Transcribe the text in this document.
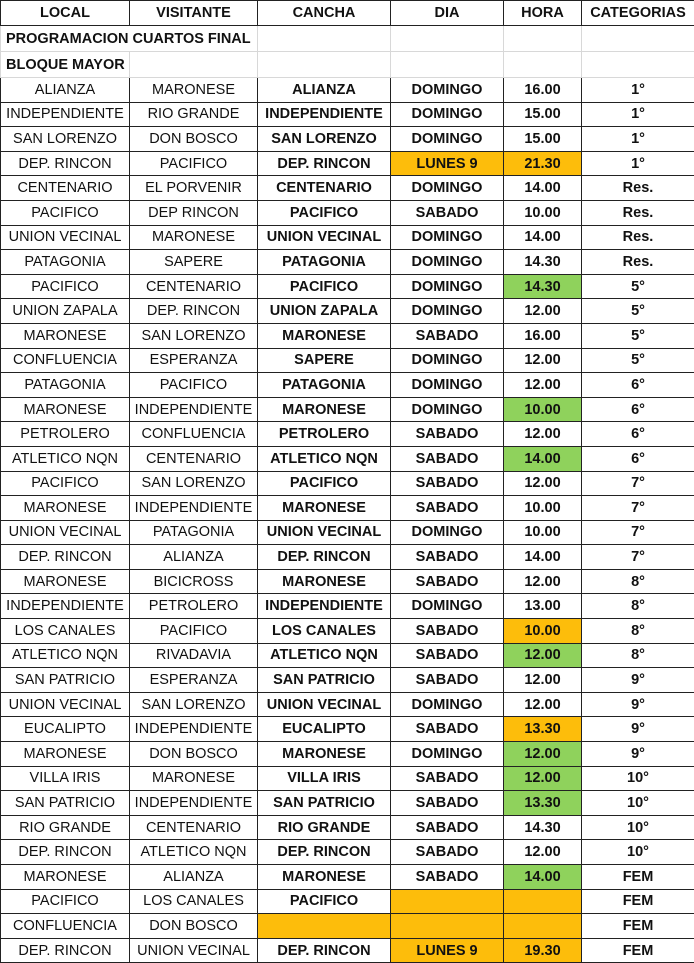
PROGRAMACION CUARTOS FINAL					
BLOQUE MAYOR					
LOCAL	VISITANTE	CANCHA	DIA	HORA	CATEGORIAS
ALIANZA	MARONESE	ALIANZA	DOMINGO	16.00	1°
INDEPENDIENTE	RIO GRANDE	INDEPENDIENTE	DOMINGO	15.00	1°
SAN LORENZO	DON BOSCO	SAN LORENZO	DOMINGO	15.00	1°
DEP. RINCON	PACIFICO	DEP. RINCON	LUNES 9	21.30	1°
CENTENARIO	EL PORVENIR	CENTENARIO	DOMINGO	14.00	Res.
PACIFICO	DEP RINCON	PACIFICO	SABADO	10.00	Res.
UNION VECINAL	MARONESE	UNION VECINAL	DOMINGO	14.00	Res.
PATAGONIA	SAPERE	PATAGONIA	DOMINGO	14.30	Res.
PACIFICO	CENTENARIO	PACIFICO	DOMINGO	14.30	5°
UNION ZAPALA	DEP. RINCON	UNION ZAPALA	DOMINGO	12.00	5°
MARONESE	SAN LORENZO	MARONESE	SABADO	16.00	5°
CONFLUENCIA	ESPERANZA	SAPERE	DOMINGO	12.00	5°
PATAGONIA	PACIFICO	PATAGONIA	DOMINGO	12.00	6°
MARONESE	INDEPENDIENTE	MARONESE	DOMINGO	10.00	6°
PETROLERO	CONFLUENCIA	PETROLERO	SABADO	12.00	6°
ATLETICO NQN	CENTENARIO	ATLETICO NQN	SABADO	14.00	6°
PACIFICO	SAN LORENZO	PACIFICO	SABADO	12.00	7°
MARONESE	INDEPENDIENTE	MARONESE	SABADO	10.00	7°
UNION VECINAL	PATAGONIA	UNION VECINAL	DOMINGO	10.00	7°
DEP. RINCON	ALIANZA	DEP. RINCON	SABADO	14.00	7°
MARONESE	BICICROSS	MARONESE	SABADO	12.00	8°
INDEPENDIENTE	PETROLERO	INDEPENDIENTE	DOMINGO	13.00	8°
LOS CANALES	PACIFICO	LOS CANALES	SABADO	10.00	8°
ATLETICO NQN	RIVADAVIA	ATLETICO NQN	SABADO	12.00	8°
SAN PATRICIO	ESPERANZA	SAN PATRICIO	SABADO	12.00	9°
UNION VECINAL	SAN LORENZO	UNION VECINAL	DOMINGO	12.00	9°
EUCALIPTO	INDEPENDIENTE	EUCALIPTO	SABADO	13.30	9°
MARONESE	DON BOSCO	MARONESE	DOMINGO	12.00	9°
VILLA IRIS	MARONESE	VILLA IRIS	SABADO	12.00	10°
SAN PATRICIO	INDEPENDIENTE	SAN PATRICIO	SABADO	13.30	10°
RIO GRANDE	CENTENARIO	RIO GRANDE	SABADO	14.30	10°
DEP. RINCON	ATLETICO NQN	DEP. RINCON	SABADO	12.00	10°
MARONESE	ALIANZA	MARONESE	SABADO	14.00	FEM
PACIFICO	LOS CANALES	PACIFICO			FEM
CONFLUENCIA	DON BOSCO				FEM
DEP. RINCON	UNION VECINAL	DEP. RINCON	LUNES 9	19.30	FEM
